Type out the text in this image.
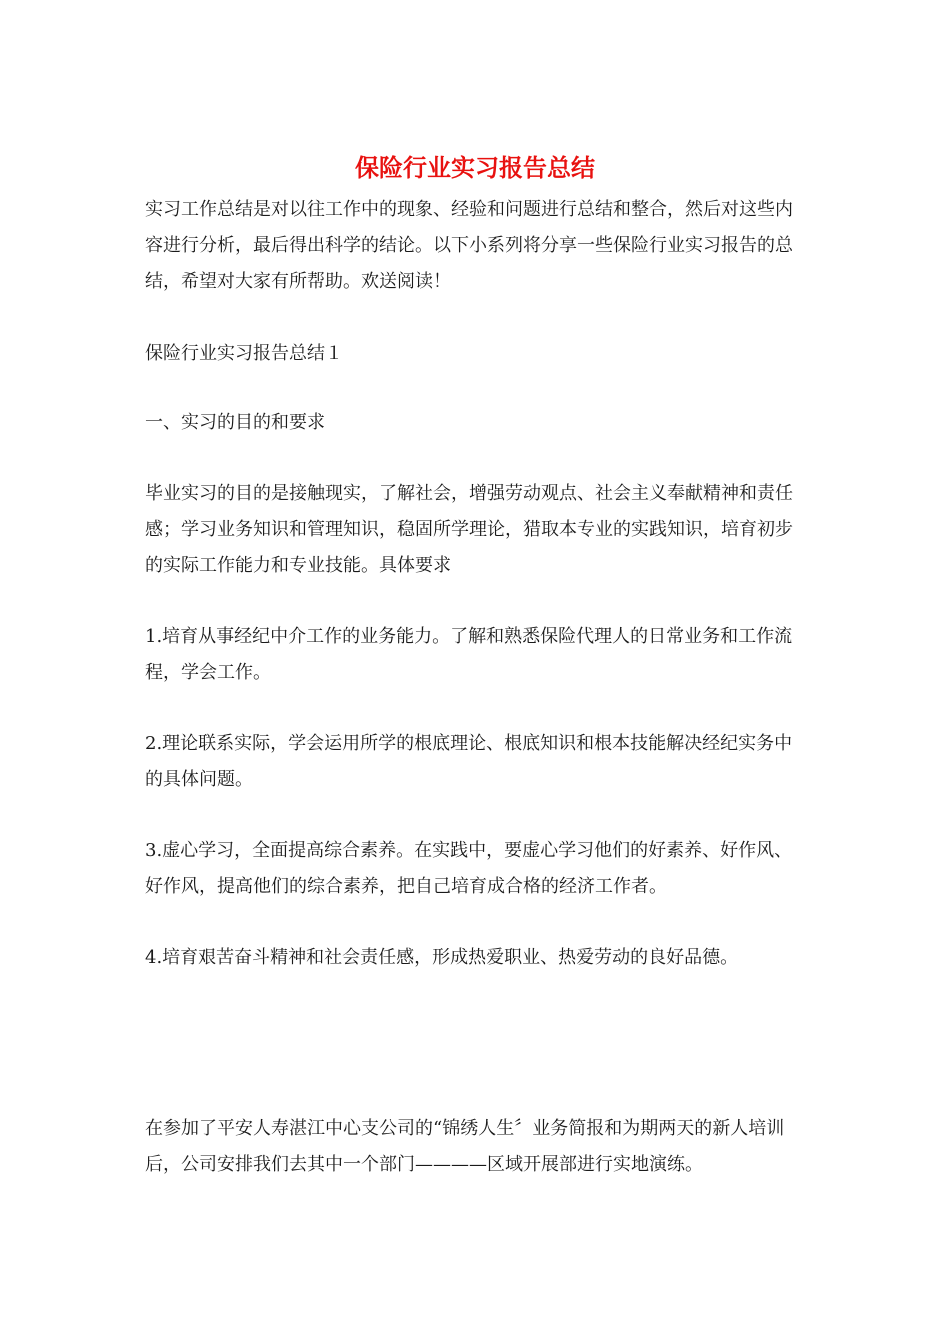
保险行业实习报告总结

实习工作总结是对以往工作中的现象、经验和问题进行总结和整合，然后对这些内容进行分析，最后得出科学的结论。以下小系列将分享一些保险行业实习报告的总结，希望对大家有所帮助。欢送阅读！

保险行业实习报告总结１

一、实习的目的和要求

毕业实习的目的是接触现实，了解社会，增强劳动观点、社会主义奉献精神和责任感；学习业务知识和管理知识，稳固所学理论，猎取本专业的实践知识，培育初步的实际工作能力和专业技能。具体要求

1.培育从事经纪中介工作的业务能力。了解和熟悉保险代理人的日常业务和工作流程，学会工作。

2.理论联系实际，学会运用所学的根底理论、根底知识和根本技能解决经纪实务中的具体问题。

3.虚心学习，全面提高综合素养。在实践中，要虚心学习他们的好素养、好作风、好作风，提高他们的综合素养，把自己培育成合格的经济工作者。

4.培育艰苦奋斗精神和社会责任感，形成热爱职业、热爱劳动的良好品德。

在参加了平安人寿湛江中心支公司的“锦绣人生〞业务简报和为期两天的新人培训后，公司安排我们去其中一个部门————区域开展部进行实地演练。
